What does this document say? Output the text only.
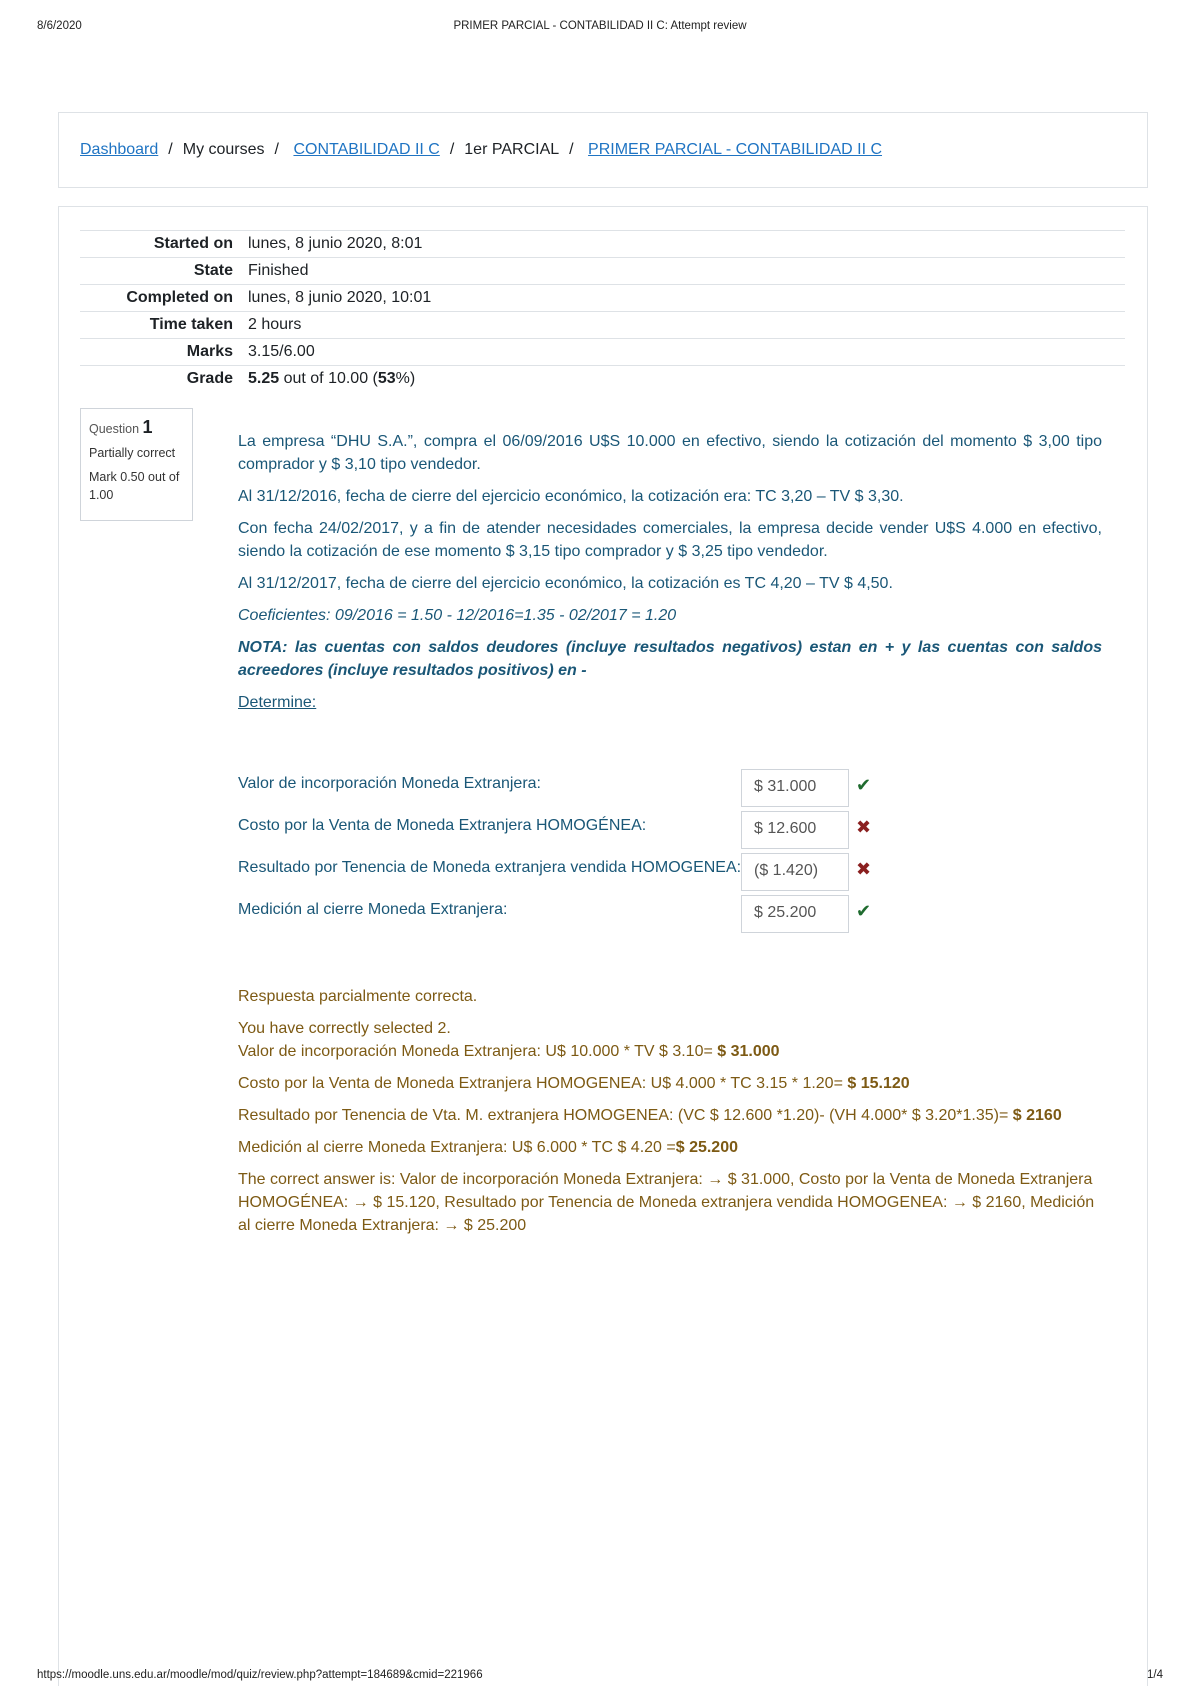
8/6/2020	PRIMER PARCIAL - CONTABILIDAD II C: Attempt review
Dashboard / My courses / CONTABILIDAD II C / 1er PARCIAL / PRIMER PARCIAL - CONTABILIDAD II C
Started on	lunes, 8 junio 2020, 8:01
State	Finished
Completed on	lunes, 8 junio 2020, 10:01
Time taken	2 hours
Marks	3.15/6.00
Grade	5.25 out of 10.00 (53%)
Question 1
Partially correct
Mark 0.50 out of 1.00

La empresa “DHU S.A.”, compra el 06/09/2016 U$S 10.000 en efectivo, siendo la cotización del momento $ 3,00 tipo comprador y $ 3,10 tipo vendedor.

Al 31/12/2016, fecha de cierre del ejercicio económico, la cotización era: TC 3,20 – TV $ 3,30.

Con fecha 24/02/2017, y a fin de atender necesidades comerciales, la empresa decide vender U$S 4.000 en efectivo, siendo la cotización de ese momento $ 3,15 tipo comprador y $ 3,25 tipo vendedor.

Al 31/12/2017, fecha de cierre del ejercicio económico, la cotización es TC 4,20 – TV $ 4,50.

Coeficientes: 09/2016 = 1.50 - 12/2016=1.35 - 02/2017 = 1.20

NOTA: las cuentas con saldos deudores (incluye resultados negativos) estan en + y las cuentas con saldos acreedores (incluye resultados positivos) en -

Determine:

Valor de incorporación Moneda Extranjera:	$ 31.000	✔
Costo por la Venta de Moneda Extranjera HOMOGÉNEA:	$ 12.600	✖
Resultado por Tenencia de Moneda extranjera vendida HOMOGENEA: ($ 1.420)	✖
Medición al cierre Moneda Extranjera:	$ 25.200	✔

Respuesta parcialmente correcta.

You have correctly selected 2.

Valor de incorporación Moneda Extranjera: U$ 10.000 * TV $ 3.10= $ 31.000

Costo por la Venta de Moneda Extranjera HOMOGENEA: U$ 4.000 * TC 3.15 * 1.20= $ 15.120

Resultado por Tenencia de Vta. M. extranjera HOMOGENEA: (VC $ 12.600 *1.20)- (VH 4.000* $ 3.20*1.35)= $ 2160

Medición al cierre Moneda Extranjera: U$ 6.000 * TC $ 4.20 =$ 25.200

The correct answer is: Valor de incorporación Moneda Extranjera: → $ 31.000, Costo por la Venta de Moneda Extranjera HOMOGÉNEA: → $ 15.120, Resultado por Tenencia de Moneda extranjera vendida HOMOGENEA: → $ 2160, Medición al cierre Moneda Extranjera: → $ 25.200

https://moodle.uns.edu.ar/moodle/mod/quiz/review.php?attempt=184689&cmid=221966	1/4
